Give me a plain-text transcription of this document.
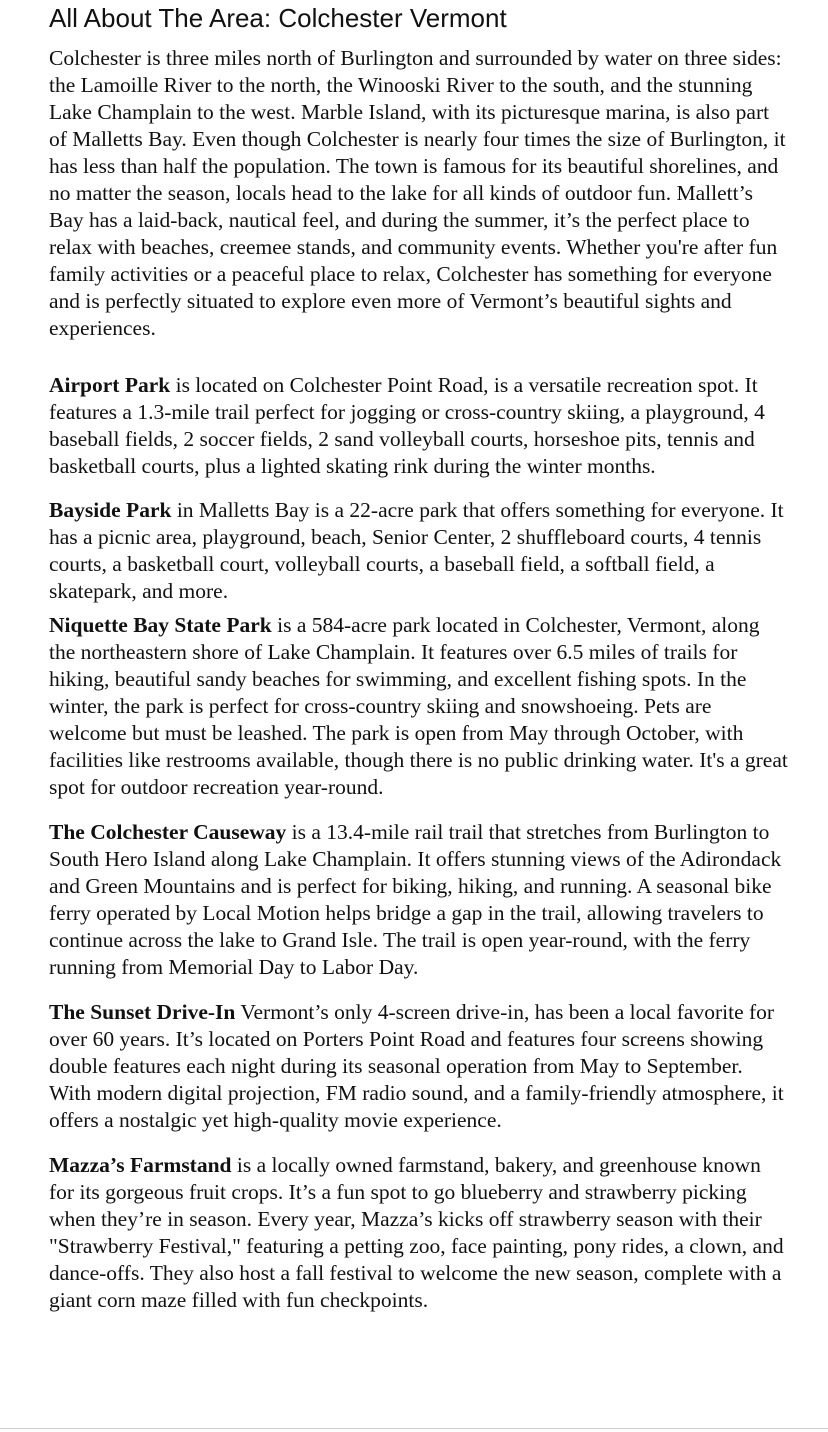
All About The Area: Colchester Vermont

Colchester is three miles north of Burlington and surrounded by water on three sides: the Lamoille River to the north, the Winooski River to the south, and the stunning Lake Champlain to the west. Marble Island, with its picturesque marina, is also part of Malletts Bay. Even though Colchester is nearly four times the size of Burlington, it has less than half the population. The town is famous for its beautiful shorelines, and no matter the season, locals head to the lake for all kinds of outdoor fun. Mallett’s Bay has a laid-back, nautical feel, and during the summer, it’s the perfect place to relax with beaches, creemee stands, and community events. Whether you're after fun family activities or a peaceful place to relax, Colchester has something for everyone and is perfectly situated to explore even more of Vermont’s beautiful sights and experiences.

Airport Park is located on Colchester Point Road, is a versatile recreation spot. It features a 1.3-mile trail perfect for jogging or cross-country skiing, a playground, 4 baseball fields, 2 soccer fields, 2 sand volleyball courts, horseshoe pits, tennis and basketball courts, plus a lighted skating rink during the winter months.

Bayside Park in Malletts Bay is a 22-acre park that offers something for everyone. It has a picnic area, playground, beach, Senior Center, 2 shuffleboard courts, 4 tennis courts, a basketball court, volleyball courts, a baseball field, a softball field, a skatepark, and more.

Niquette Bay State Park is a 584-acre park located in Colchester, Vermont, along the northeastern shore of Lake Champlain. It features over 6.5 miles of trails for hiking, beautiful sandy beaches for swimming, and excellent fishing spots. In the winter, the park is perfect for cross-country skiing and snowshoeing. Pets are welcome but must be leashed. The park is open from May through October, with facilities like restrooms available, though there is no public drinking water. It's a great spot for outdoor recreation year-round.

The Colchester Causeway is a 13.4-mile rail trail that stretches from Burlington to South Hero Island along Lake Champlain. It offers stunning views of the Adirondack and Green Mountains and is perfect for biking, hiking, and running. A seasonal bike ferry operated by Local Motion helps bridge a gap in the trail, allowing travelers to continue across the lake to Grand Isle. The trail is open year-round, with the ferry running from Memorial Day to Labor Day.

The Sunset Drive-In Vermont’s only 4-screen drive-in, has been a local favorite for over 60 years. It’s located on Porters Point Road and features four screens showing double features each night during its seasonal operation from May to September. With modern digital projection, FM radio sound, and a family-friendly atmosphere, it offers a nostalgic yet high-quality movie experience.

Mazza’s Farmstand is a locally owned farmstand, bakery, and greenhouse known for its gorgeous fruit crops. It’s a fun spot to go blueberry and strawberry picking when they’re in season. Every year, Mazza’s kicks off strawberry season with their "Strawberry Festival," featuring a petting zoo, face painting, pony rides, a clown, and dance-offs. They also host a fall festival to welcome the new season, complete with a giant corn maze filled with fun checkpoints.
